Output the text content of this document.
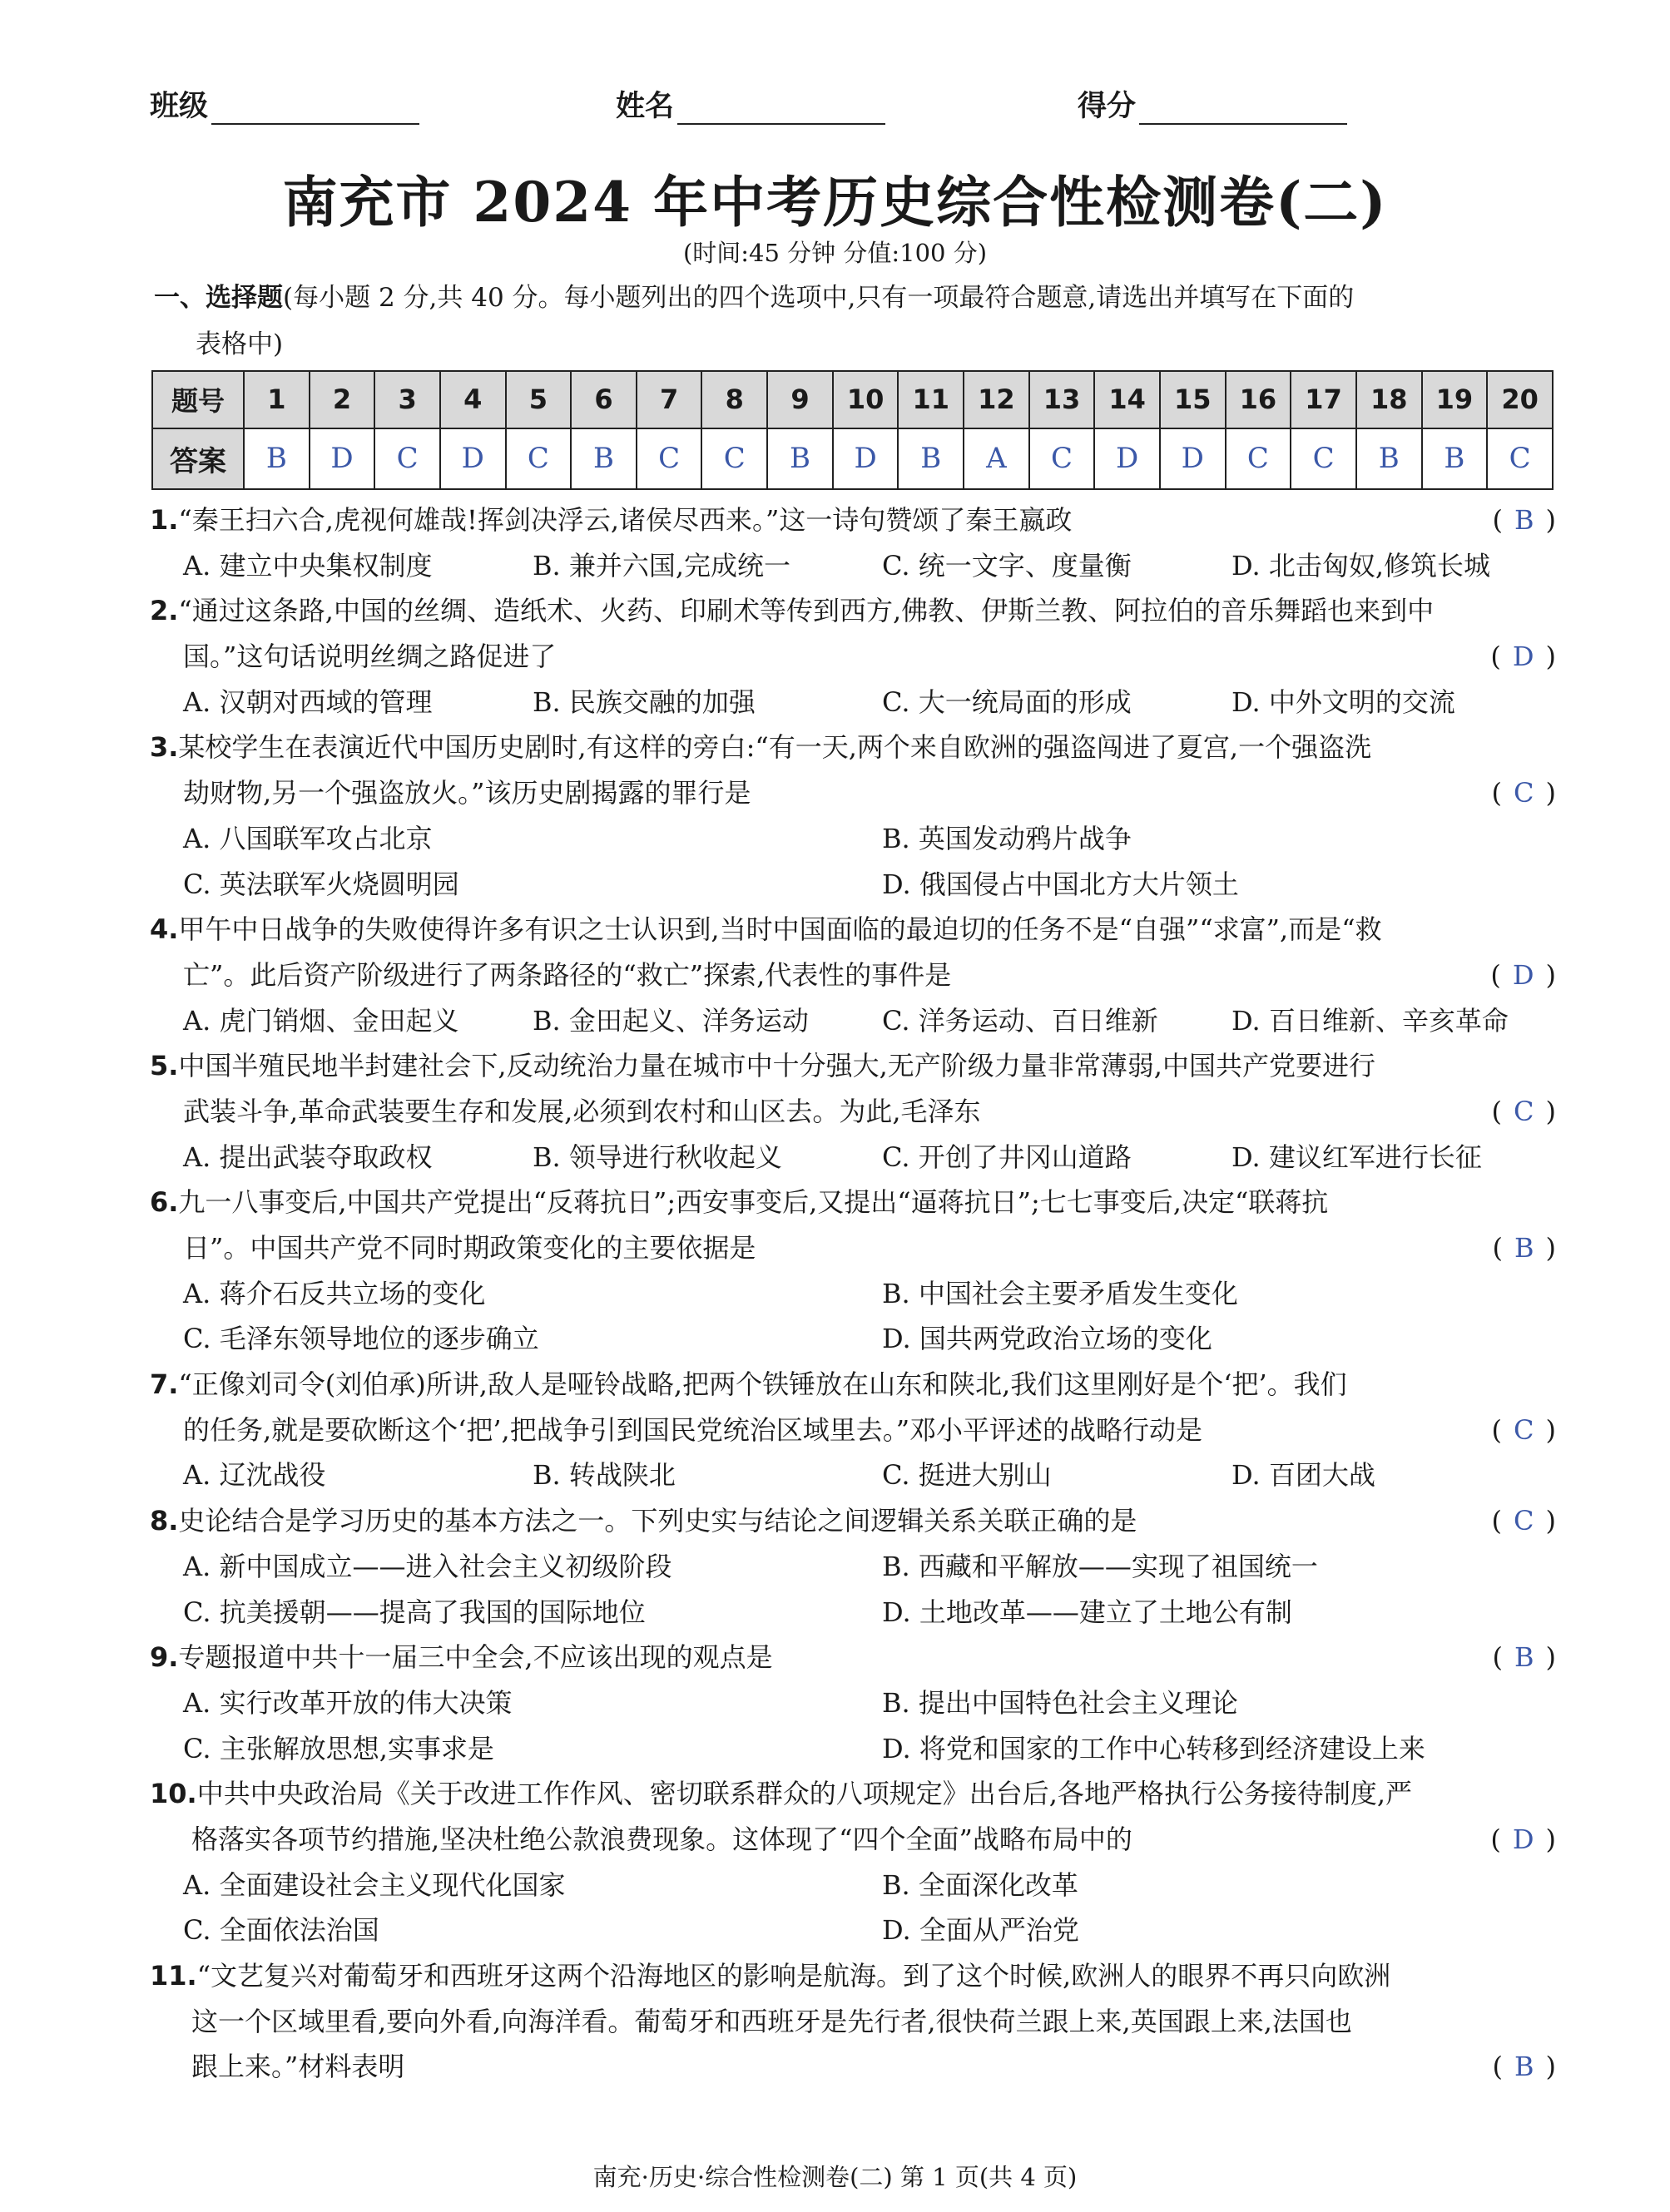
班级	姓名	得分
南充市 2024 年中考历史综合性检测卷(二)
(时间:45 分钟 分值:100 分)
一、选择题(每小题 2 分,共 40 分。每小题列出的四个选项中,只有一项最符合题意,请选出并填写在下面的
表格中)
题号	1	2	3	4	5	6	7	8	9	10	11	12	13	14	15	16	17	18	19	20
答案	B	D	C	D	C	B	C	C	B	D	B	A	C	D	D	C	C	B	B	C
1.“秦王扫六合,虎视何雄哉!挥剑决浮云,诸侯尽西来。”这一诗句赞颂了秦王嬴政	( B )
A. 建立中央集权制度	B. 兼并六国,完成统一	C. 统一文字、度量衡	D. 北击匈奴,修筑长城
2.“通过这条路,中国的丝绸、造纸术、火药、印刷术等传到西方,佛教、伊斯兰教、阿拉伯的音乐舞蹈也来到中
国。”这句话说明丝绸之路促进了	( D )
A. 汉朝对西域的管理	B. 民族交融的加强	C. 大一统局面的形成	D. 中外文明的交流
3.某校学生在表演近代中国历史剧时,有这样的旁白:“有一天,两个来自欧洲的强盗闯进了夏宫,一个强盗洗
劫财物,另一个强盗放火。”该历史剧揭露的罪行是	( C )
A. 八国联军攻占北京	B. 英国发动鸦片战争
C. 英法联军火烧圆明园	D. 俄国侵占中国北方大片领土
4.甲午中日战争的失败使得许多有识之士认识到,当时中国面临的最迫切的任务不是“自强”“求富”,而是“救
亡”。此后资产阶级进行了两条路径的“救亡”探索,代表性的事件是	( D )
A. 虎门销烟、金田起义	B. 金田起义、洋务运动	C. 洋务运动、百日维新	D. 百日维新、辛亥革命
5.中国半殖民地半封建社会下,反动统治力量在城市中十分强大,无产阶级力量非常薄弱,中国共产党要进行
武装斗争,革命武装要生存和发展,必须到农村和山区去。为此,毛泽东	( C )
A. 提出武装夺取政权	B. 领导进行秋收起义	C. 开创了井冈山道路	D. 建议红军进行长征
6.九一八事变后,中国共产党提出“反蒋抗日”;西安事变后,又提出“逼蒋抗日”;七七事变后,决定“联蒋抗
日”。中国共产党不同时期政策变化的主要依据是	( B )
A. 蒋介石反共立场的变化	B. 中国社会主要矛盾发生变化
C. 毛泽东领导地位的逐步确立	D. 国共两党政治立场的变化
7.“正像刘司令(刘伯承)所讲,敌人是哑铃战略,把两个铁锤放在山东和陕北,我们这里刚好是个‘把’。我们
的任务,就是要砍断这个‘把’,把战争引到国民党统治区域里去。”邓小平评述的战略行动是	( C )
A. 辽沈战役	B. 转战陕北	C. 挺进大别山	D. 百团大战
8.史论结合是学习历史的基本方法之一。下列史实与结论之间逻辑关系关联正确的是	( C )
A. 新中国成立——进入社会主义初级阶段	B. 西藏和平解放——实现了祖国统一
C. 抗美援朝——提高了我国的国际地位	D. 土地改革——建立了土地公有制
9.专题报道中共十一届三中全会,不应该出现的观点是	( B )
A. 实行改革开放的伟大决策	B. 提出中国特色社会主义理论
C. 主张解放思想,实事求是	D. 将党和国家的工作中心转移到经济建设上来
10.中共中央政治局《关于改进工作作风、密切联系群众的八项规定》出台后,各地严格执行公务接待制度,严
格落实各项节约措施,坚决杜绝公款浪费现象。这体现了“四个全面”战略布局中的	( D )
A. 全面建设社会主义现代化国家	B. 全面深化改革
C. 全面依法治国	D. 全面从严治党
11.“文艺复兴对葡萄牙和西班牙这两个沿海地区的影响是航海。到了这个时候,欧洲人的眼界不再只向欧洲
这一个区域里看,要向外看,向海洋看。葡萄牙和西班牙是先行者,很快荷兰跟上来,英国跟上来,法国也
跟上来。”材料表明	( B )
南充·历史·综合性检测卷(二) 第 1 页(共 4 页)
